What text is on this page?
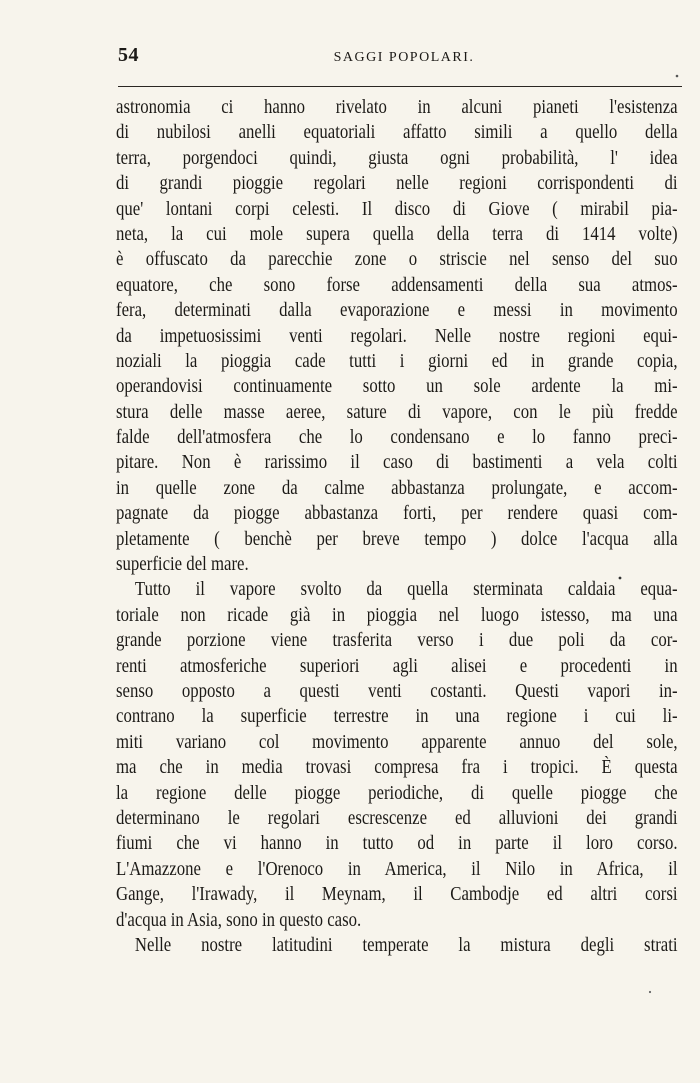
54	SAGGI POPOLARI.
astronomia ci hanno rivelato in alcuni pianeti l'esistenza
di nubilosi anelli equatoriali affatto simili a quello della
terra, porgendoci quindi, giusta ogni probabilità, l' idea
di grandi pioggie regolari nelle regioni corrispondenti di
que' lontani corpi celesti. Il disco di Giove ( mirabil pia-
neta, la cui mole supera quella della terra di 1414 volte)
è offuscato da parecchie zone o striscie nel senso del suo
equatore, che sono forse addensamenti della sua atmos-
fera, determinati dalla evaporazione e messi in movimento
da impetuosissimi venti regolari. Nelle nostre regioni equi-
noziali la pioggia cade tutti i giorni ed in grande copia,
operandovisi continuamente sotto un sole ardente la mi-
stura delle masse aeree, sature di vapore, con le più fredde
falde dell'atmosfera che lo condensano e lo fanno preci-
pitare. Non è rarissimo il caso di bastimenti a vela colti
in quelle zone da calme abbastanza prolungate, e accom-
pagnate da piogge abbastanza forti, per rendere quasi com-
pletamente ( benchè per breve tempo ) dolce l'acqua alla
superficie del mare.
Tutto il vapore svolto da quella sterminata caldaia equa-
toriale non ricade già in pioggia nel luogo istesso, ma una
grande porzione viene trasferita verso i due poli da cor-
renti atmosferiche superiori agli alisei e procedenti in
senso opposto a questi venti costanti. Questi vapori in-
contrano la superficie terrestre in una regione i cui li-
miti variano col movimento apparente annuo del sole,
ma che in media trovasi compresa fra i tropici. È questa
la regione delle piogge periodiche, di quelle piogge che
determinano le regolari escrescenze ed alluvioni dei grandi
fiumi che vi hanno in tutto od in parte il loro corso.
L'Amazzone e l'Orenoco in America, il Nilo in Africa, il
Gange, l'Irawady, il Meynam, il Cambodje ed altri corsi
d'acqua in Asia, sono in questo caso.
Nelle nostre latitudini temperate la mistura degli strati
